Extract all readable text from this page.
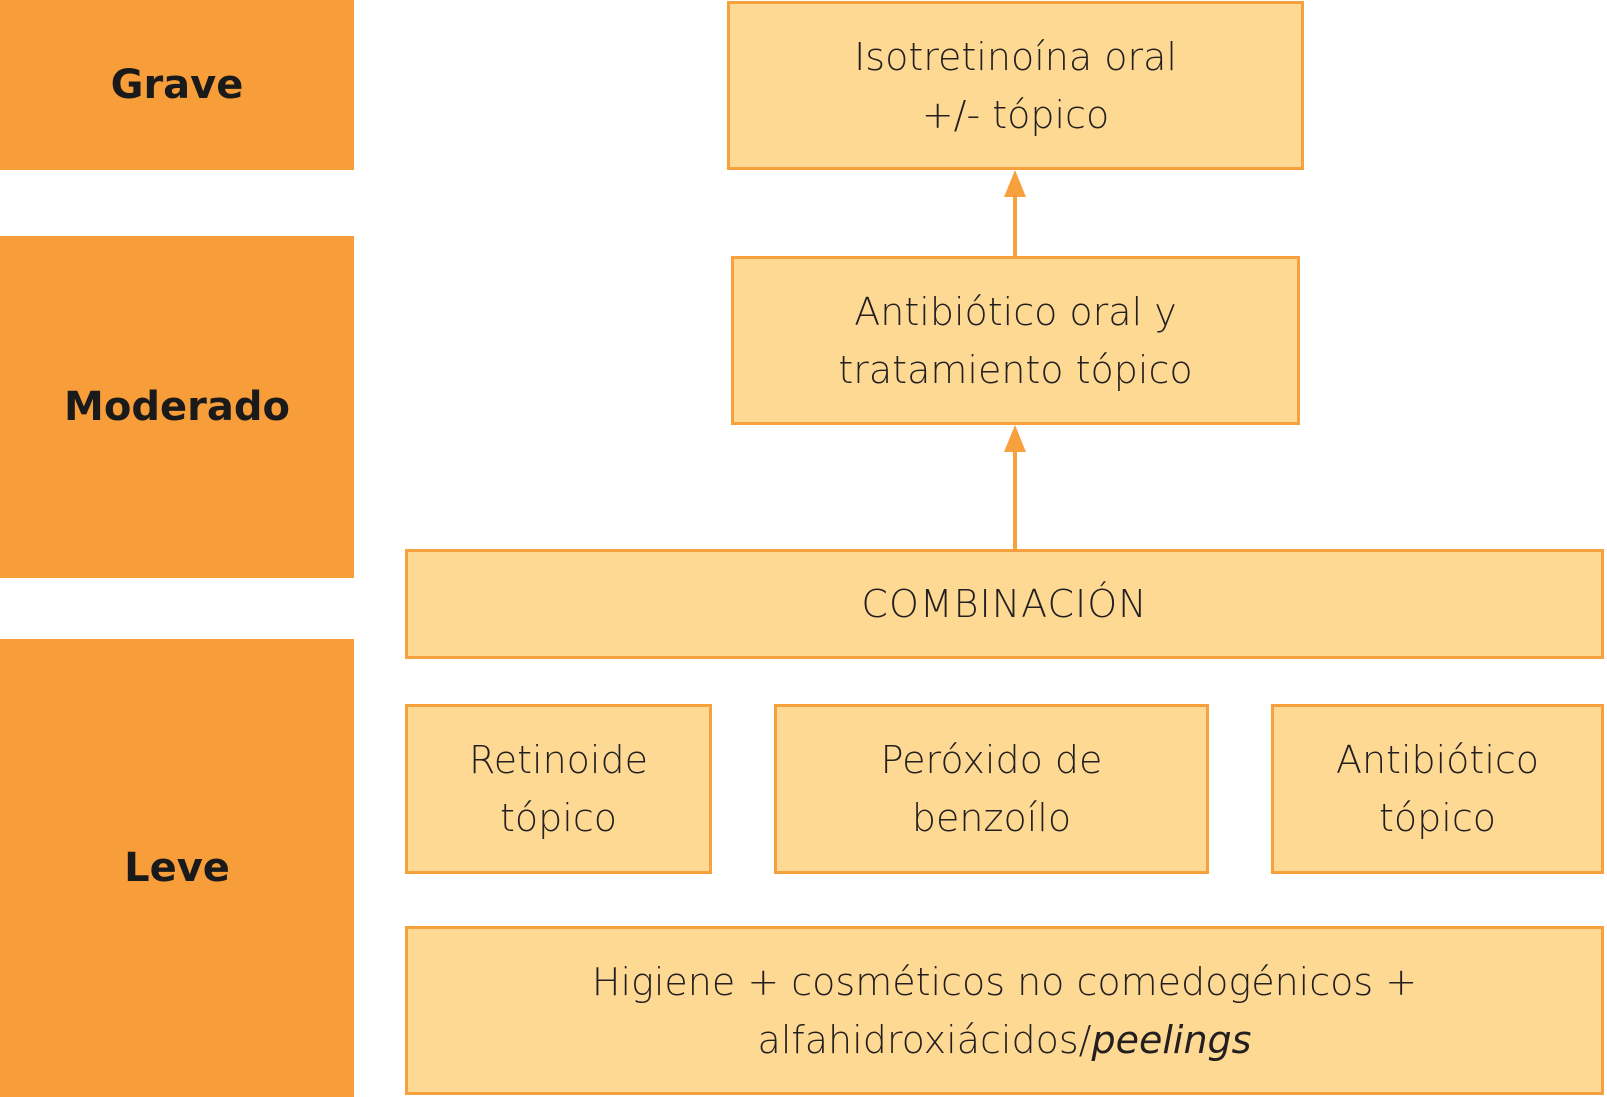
Grave
Moderado
Leve
Isotretinoína oral
+/- tópico
Antibiótico oral y
tratamiento tópico
COMBINACIÓN
Retinoide
tópico
Peróxido de
benzoílo
Antibiótico
tópico
Higiene + cosméticos no comedogénicos +
alfahidroxiácidos/peelings
